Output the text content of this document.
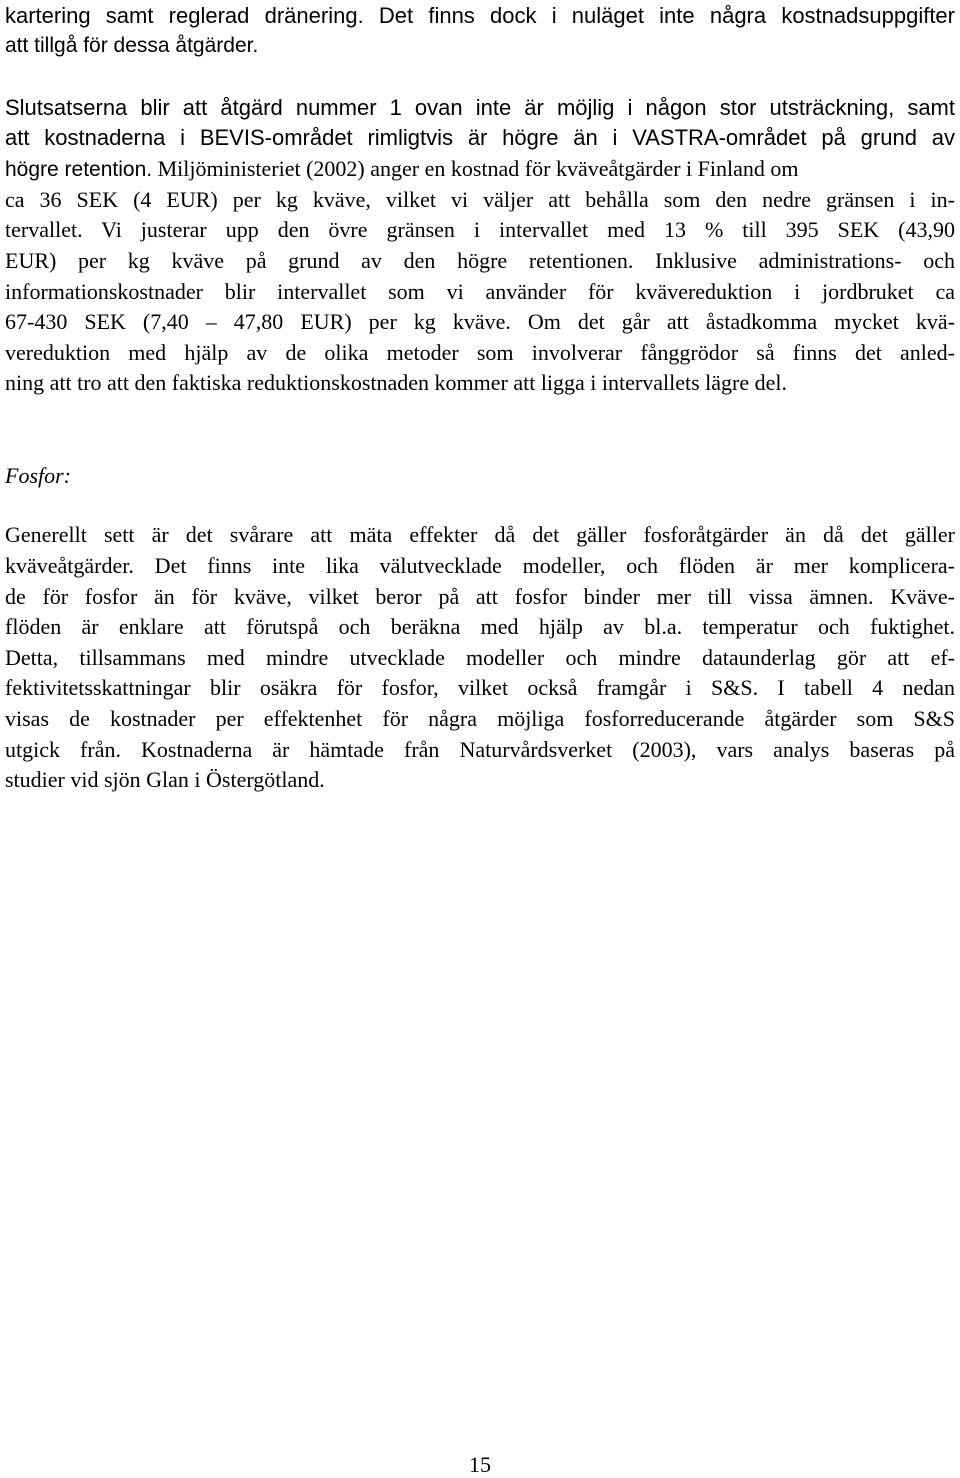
kartering samt reglerad dränering. Det finns dock i nuläget inte några kostnadsuppgifter
att tillgå för dessa åtgärder.
Slutsatserna blir att åtgärd nummer 1 ovan inte är möjlig i någon stor utsträckning, samt
att kostnaderna i BEVIS-området rimligtvis är högre än i VASTRA-området på grund av
högre retention. Miljöministeriet (2002) anger en kostnad för kväveåtgärder i Finland om
ca 36 SEK (4 EUR) per kg kväve, vilket vi väljer att behålla som den nedre gränsen i in-
tervallet. Vi justerar upp den övre gränsen i intervallet med 13 % till 395 SEK (43,90
EUR) per kg kväve på grund av den högre retentionen. Inklusive administrations- och
informationskostnader blir intervallet som vi använder för kvävereduktion i jordbruket ca
67-430 SEK (7,40 – 47,80 EUR) per kg kväve. Om det går att åstadkomma mycket kvä-
vereduktion med hjälp av de olika metoder som involverar fånggrödor så finns det anled-
ning att tro att den faktiska reduktionskostnaden kommer att ligga i intervallets lägre del.
Fosfor:
Generellt sett är det svårare att mäta effekter då det gäller fosforåtgärder än då det gäller
kväveåtgärder. Det finns inte lika välutvecklade modeller, och flöden är mer komplicera-
de för fosfor än för kväve, vilket beror på att fosfor binder mer till vissa ämnen. Kväve-
flöden är enklare att förutspå och beräkna med hjälp av bl.a. temperatur och fuktighet.
Detta, tillsammans med mindre utvecklade modeller och mindre dataunderlag gör att ef-
fektivitetsskattningar blir osäkra för fosfor, vilket också framgår i S&S. I tabell 4 nedan
visas de kostnader per effektenhet för några möjliga fosforreducerande åtgärder som S&S
utgick från. Kostnaderna är hämtade från Naturvårdsverket (2003), vars analys baseras på
studier vid sjön Glan i Östergötland.
15
